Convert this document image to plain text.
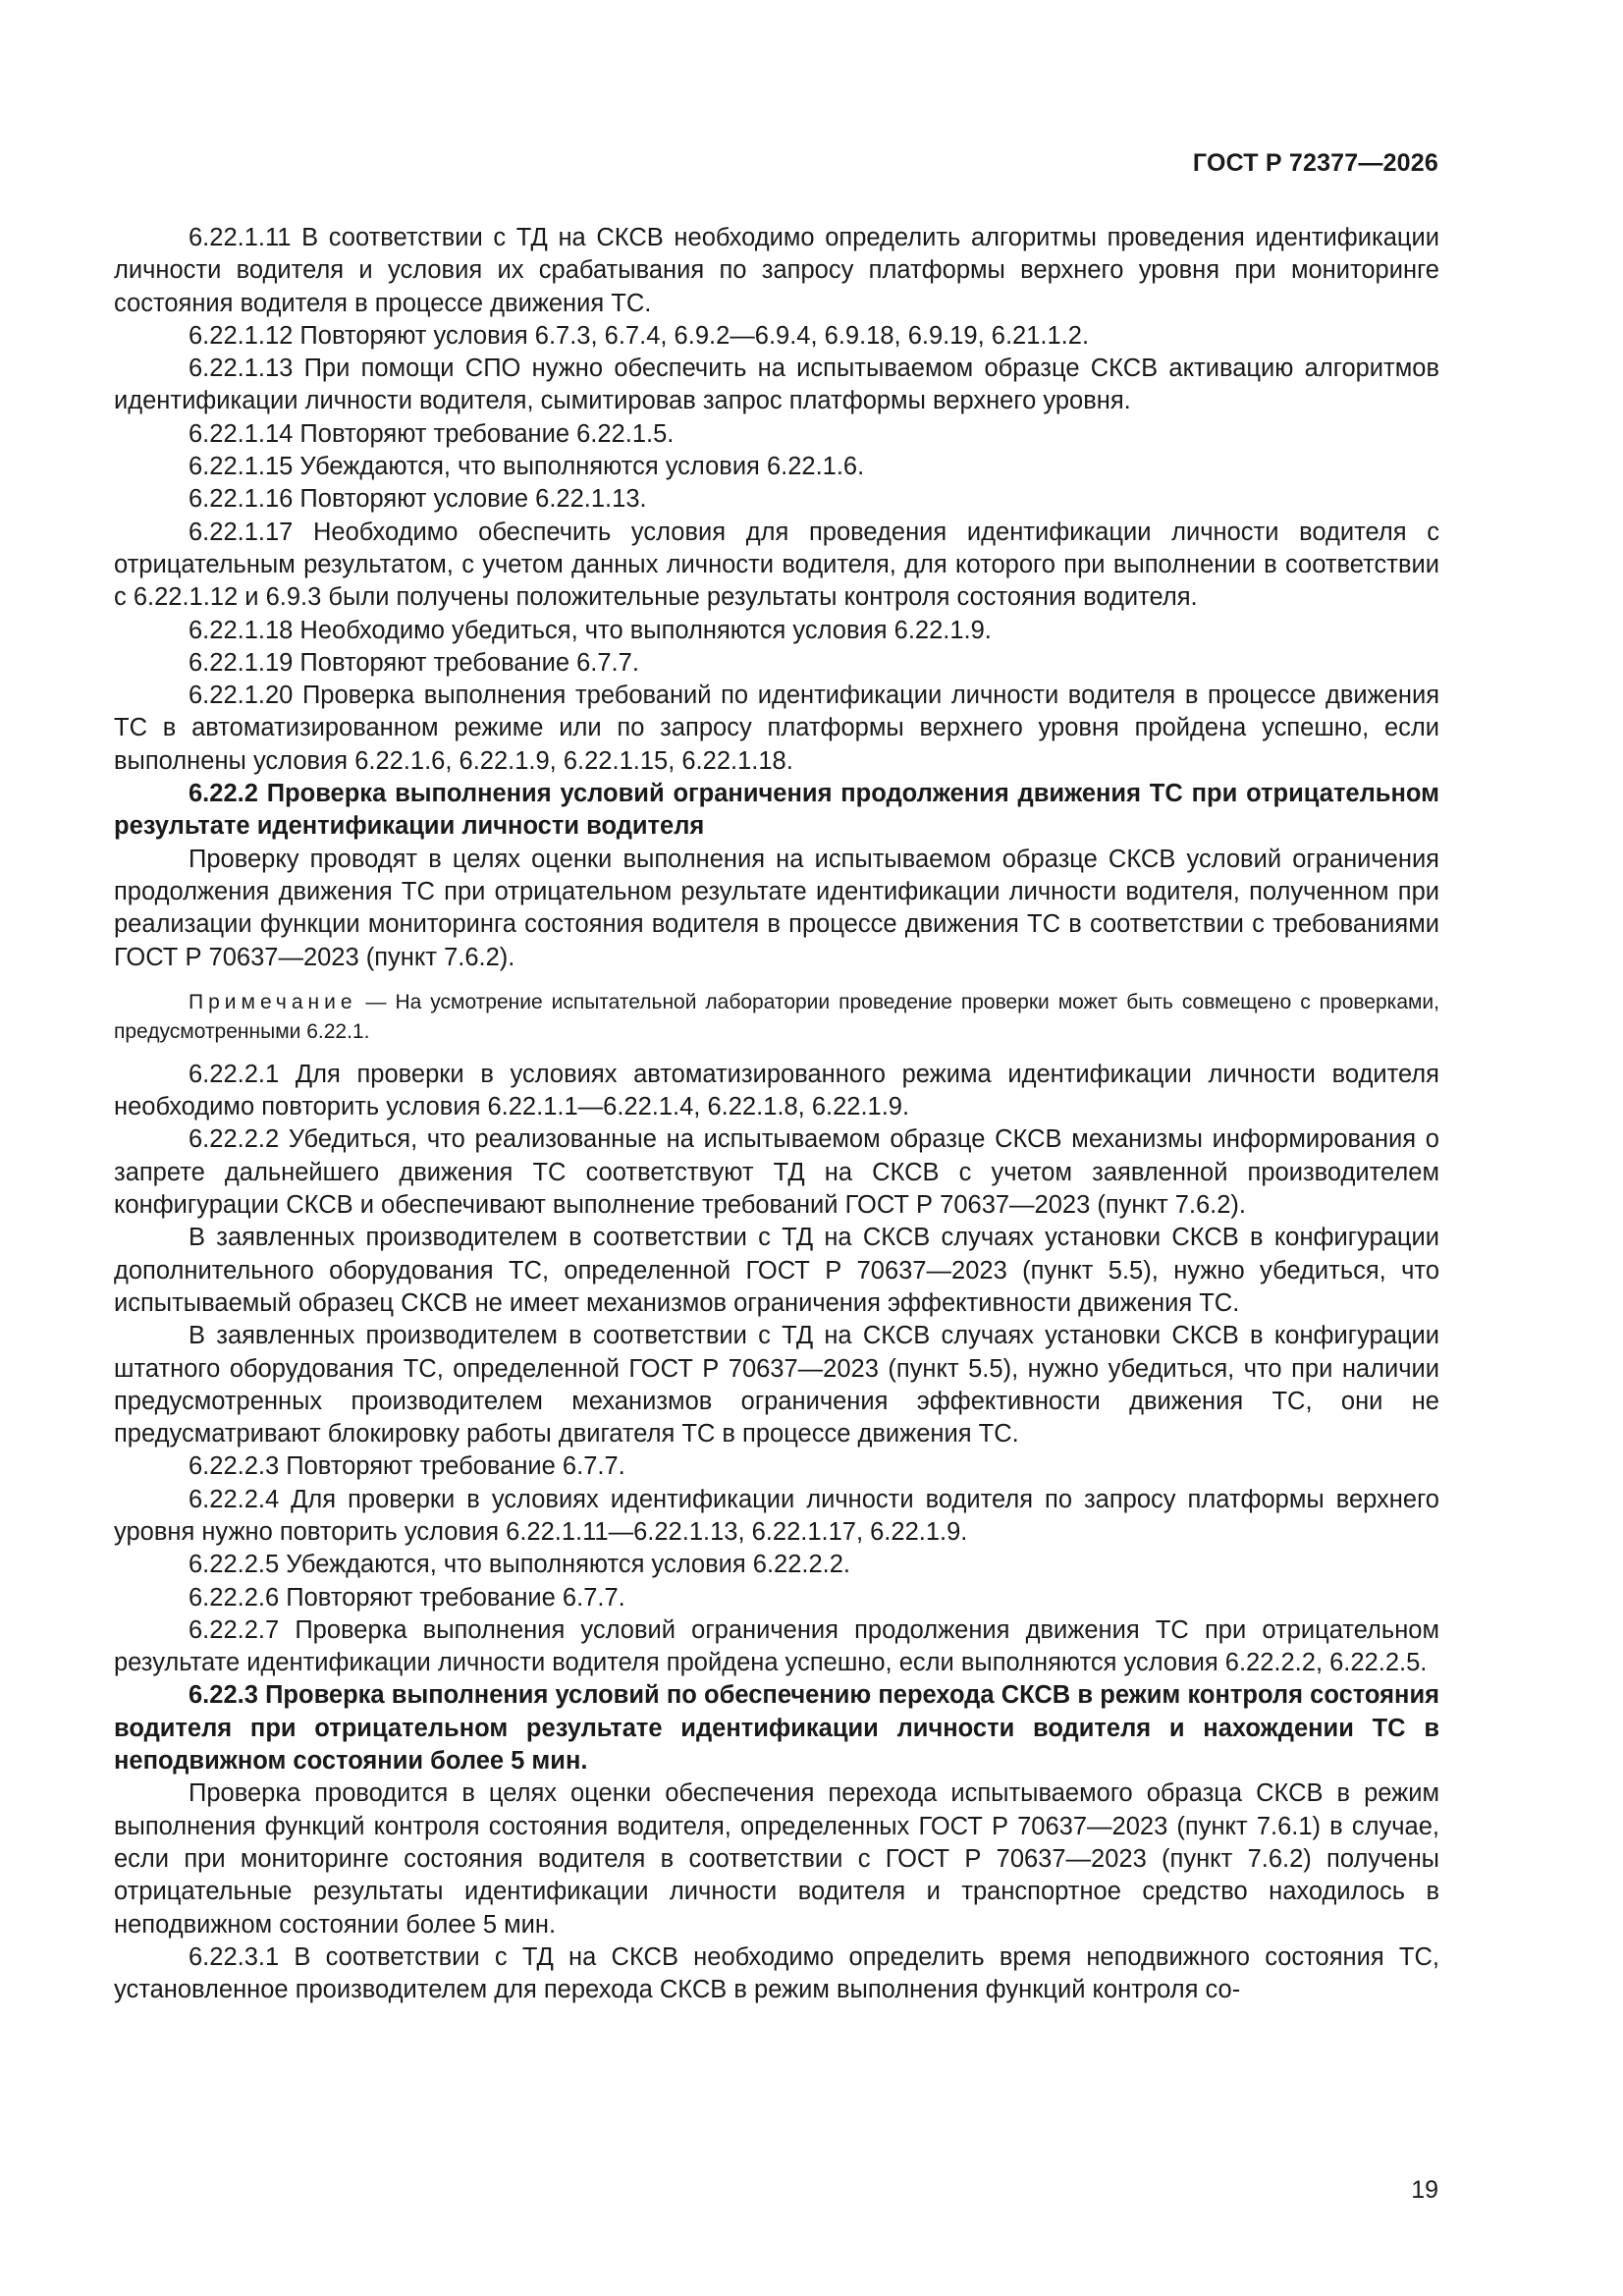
ГОСТ Р 72377—2026

6.22.1.11 В соответствии с ТД на СКСВ необходимо определить алгоритмы проведения идентификации личности водителя и условия их срабатывания по запросу платформы верхнего уровня при мониторинге состояния водителя в процессе движения ТС.

6.22.1.12 Повторяют условия 6.7.3, 6.7.4, 6.9.2—6.9.4, 6.9.18, 6.9.19, 6.21.1.2.

6.22.1.13 При помощи СПО нужно обеспечить на испытываемом образце СКСВ активацию алгоритмов идентификации личности водителя, сымитировав запрос платформы верхнего уровня.

6.22.1.14 Повторяют требование 6.22.1.5.

6.22.1.15 Убеждаются, что выполняются условия 6.22.1.6.

6.22.1.16 Повторяют условие 6.22.1.13.

6.22.1.17 Необходимо обеспечить условия для проведения идентификации личности водителя с отрицательным результатом, с учетом данных личности водителя, для которого при выполнении в соответствии с 6.22.1.12 и 6.9.3 были получены положительные результаты контроля состояния водителя.

6.22.1.18 Необходимо убедиться, что выполняются условия 6.22.1.9.

6.22.1.19 Повторяют требование 6.7.7.

6.22.1.20 Проверка выполнения требований по идентификации личности водителя в процессе движения ТС в автоматизированном режиме или по запросу платформы верхнего уровня пройдена успешно, если выполнены условия 6.22.1.6, 6.22.1.9, 6.22.1.15, 6.22.1.18.

6.22.2 Проверка выполнения условий ограничения продолжения движения ТС при отрицательном результате идентификации личности водителя

Проверку проводят в целях оценки выполнения на испытываемом образце СКСВ условий ограничения продолжения движения ТС при отрицательном результате идентификации личности водителя, полученном при реализации функции мониторинга состояния водителя в процессе движения ТС в соответствии с требованиями ГОСТ Р 70637—2023 (пункт 7.6.2).

Примечание — На усмотрение испытательной лаборатории проведение проверки может быть совмещено с проверками, предусмотренными 6.22.1.

6.22.2.1 Для проверки в условиях автоматизированного режима идентификации личности водителя необходимо повторить условия 6.22.1.1—6.22.1.4, 6.22.1.8, 6.22.1.9.

6.22.2.2 Убедиться, что реализованные на испытываемом образце СКСВ механизмы информирования о запрете дальнейшего движения ТС соответствуют ТД на СКСВ с учетом заявленной производителем конфигурации СКСВ и обеспечивают выполнение требований ГОСТ Р 70637—2023 (пункт 7.6.2).

В заявленных производителем в соответствии с ТД на СКСВ случаях установки СКСВ в конфигурации дополнительного оборудования ТС, определенной ГОСТ Р 70637—2023 (пункт 5.5), нужно убедиться, что испытываемый образец СКСВ не имеет механизмов ограничения эффективности движения ТС.

В заявленных производителем в соответствии с ТД на СКСВ случаях установки СКСВ в конфигурации штатного оборудования ТС, определенной ГОСТ Р 70637—2023 (пункт 5.5), нужно убедиться, что при наличии предусмотренных производителем механизмов ограничения эффективности движения ТС, они не предусматривают блокировку работы двигателя ТС в процессе движения ТС.

6.22.2.3 Повторяют требование 6.7.7.

6.22.2.4 Для проверки в условиях идентификации личности водителя по запросу платформы верхнего уровня нужно повторить условия 6.22.1.11—6.22.1.13, 6.22.1.17, 6.22.1.9.

6.22.2.5 Убеждаются, что выполняются условия 6.22.2.2.

6.22.2.6 Повторяют требование 6.7.7.

6.22.2.7 Проверка выполнения условий ограничения продолжения движения ТС при отрицательном результате идентификации личности водителя пройдена успешно, если выполняются условия 6.22.2.2, 6.22.2.5.

6.22.3 Проверка выполнения условий по обеспечению перехода СКСВ в режим контроля состояния водителя при отрицательном результате идентификации личности водителя и нахождении ТС в неподвижном состоянии более 5 мин.

Проверка проводится в целях оценки обеспечения перехода испытываемого образца СКСВ в режим выполнения функций контроля состояния водителя, определенных ГОСТ Р 70637—2023 (пункт 7.6.1) в случае, если при мониторинге состояния водителя в соответствии с ГОСТ Р 70637—2023 (пункт 7.6.2) получены отрицательные результаты идентификации личности водителя и транспортное средство находилось в неподвижном состоянии более 5 мин.

6.22.3.1 В соответствии с ТД на СКСВ необходимо определить время неподвижного состояния ТС, установленное производителем для перехода СКСВ в режим выполнения функций контроля со-

19
